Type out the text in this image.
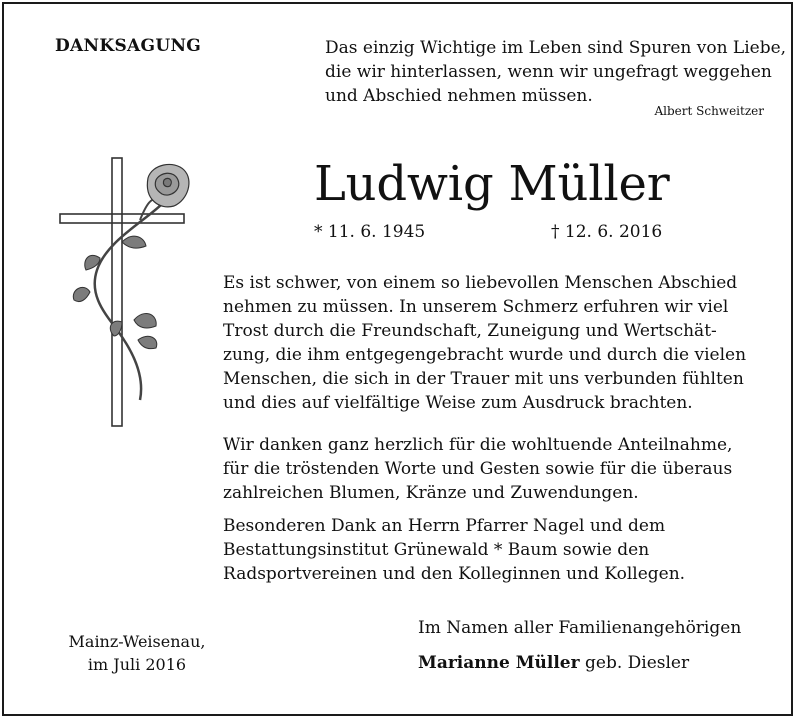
DANKSAGUNG	Das einzig Wichtige im Leben sind Spuren von Liebe,
die wir hinterlassen, wenn wir ungefragt weggehen
und Abschied nehmen müssen.
Albert Schweitzer
Ludwig Müller
* 11. 6. 1945	† 12. 6. 2016
Es ist schwer, von einem so liebevollen Menschen Abschied
nehmen zu müssen. In unserem Schmerz erfuhren wir viel
Trost durch die Freundschaft, Zuneigung und Wertschät-
zung, die ihm entgegengebracht wurde und durch die vielen
Menschen, die sich in der Trauer mit uns verbunden fühlten
und dies auf vielfältige Weise zum Ausdruck brachten.
Wir danken ganz herzlich für die wohltuende Anteilnahme,
für die tröstenden Worte und Gesten sowie für die überaus
zahlreichen Blumen, Kränze und Zuwendungen.
Besonderen Dank an Herrn Pfarrer Nagel und dem
Bestattungsinstitut Grünewald * Baum sowie den
Radsportvereinen und den Kolleginnen und Kollegen.
Mainz-Weisenau,
im Juli 2016
Im Namen aller Familienangehörigen
Marianne Müller geb. Diesler
